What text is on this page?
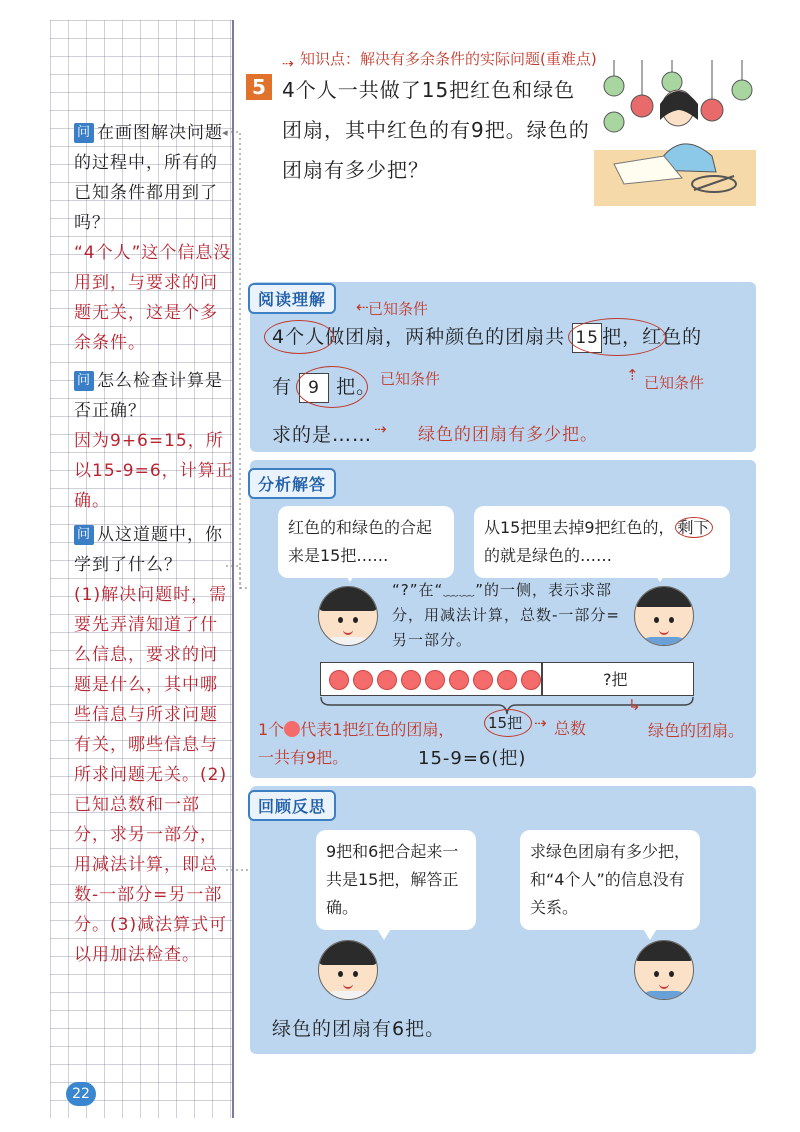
问 在画图解决问题的过程中，所有的已知条件都用到了吗？
“4个人”这个信息没用到，与要求的问题无关，这是个多余条件。
问 怎么检查计算是否正确？
因为9+6=15，所以15-9=6，计算正确。
问 从这道题中，你学到了什么？
(1)解决问题时，需要先弄清知道了什么信息，要求的问题是什么，其中哪些信息与所求问题有关，哪些信息与所求问题无关。(2)已知总数和一部分，求另一部分，用减法计算，即总数-一部分=另一部分。(3)减法算式可以用加法检查。
22
◂
⇢ 知识点：解决有多余条件的实际问题(重难点)
5 4个人一共做了15把红色和绿色团扇，其中红色的有9把。绿色的团扇有多少把？
阅读理解	已知条件
⇠
4个人做团扇，两种颜色的团扇共 15 把，红色的
已知条件
⇡
有 9 把。 已知条件
求的是…… ⇢ 绿色的团扇有多少把。
分析解答
红色的和绿色的合起来是15把……
从15把里去掉9把红色的， 剩下的就是绿色的……
“?”在“﹏﹏”的一侧，表示求部分，用减法计算，总数-一部分=另一部分。
?把
15把 ⇢ 总数
↳
绿色的团扇。
1个 代表1把红色的团扇，一共有9把。	15-9=6(把)
回顾反思
9把和6把合起来一共是15把，解答正确。
求绿色团扇有多少把，和“4个人”的信息没有关系。
绿色的团扇有6把。
